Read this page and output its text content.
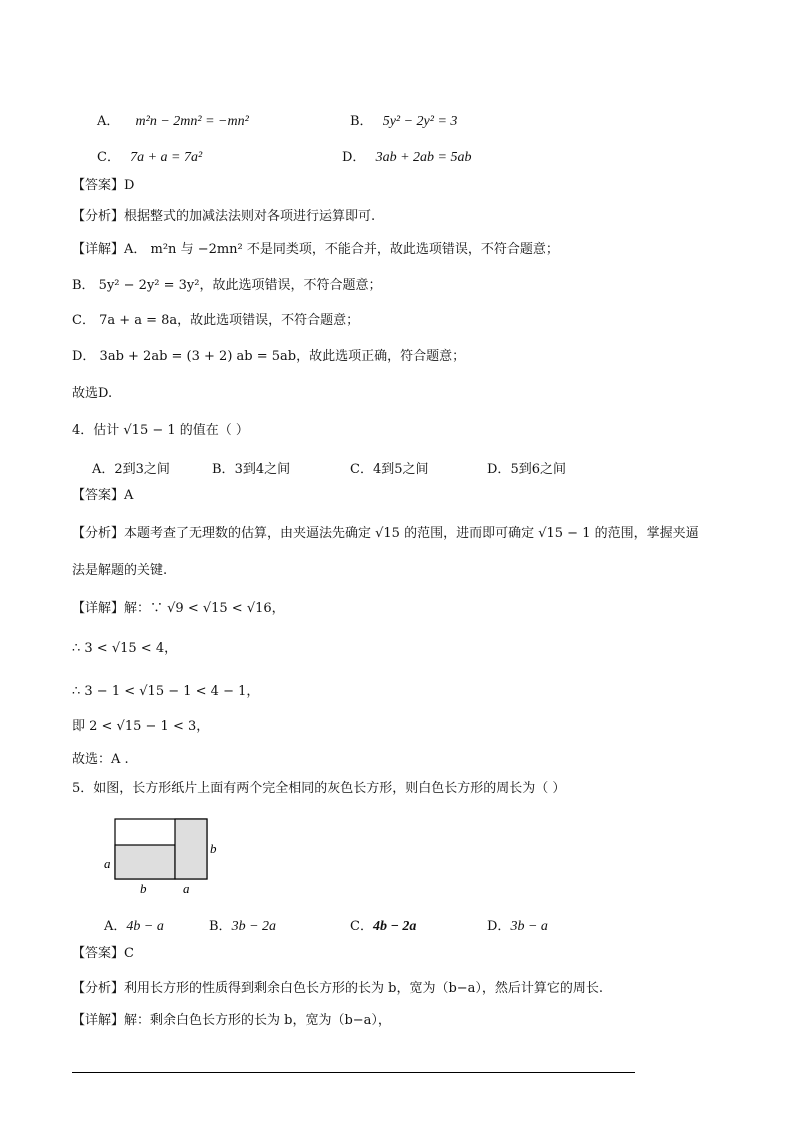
A． m²n − 2mn² = −mn²	B． 5y² − 2y² = 3
C． 7a + a = 7a²	D． 3ab + 2ab = 5ab
【答案】D
【分析】根据整式的加减法法则对各项进行运算即可.
【详解】A． m²n 与 −2mn² 不是同类项，不能合并，故此选项错误，不符合题意；
B． 5y² − 2y² = 3y²，故此选项错误，不符合题意；
C． 7a + a = 8a，故此选项错误，不符合题意；
D． 3ab + 2ab = (3 + 2) ab = 5ab，故此选项正确，符合题意；
故选D.
4．估计 √15 − 1 的值在（ ）
A．2到3之间	B．3到4之间	C．4到5之间	D．5到6之间
【答案】A
【分析】本题考查了无理数的估算，由夹逼法先确定 √15 的范围，进而即可确定 √15 − 1 的范围，掌握夹逼
法是解题的关键.
【详解】解：∵ √9 < √15 < √16，
∴ 3 < √15 < 4，
∴ 3 − 1 < √15 − 1 < 4 − 1，
即 2 < √15 − 1 < 3，
故选：A .
5．如图，长方形纸片上面有两个完全相同的灰色长方形，则白色长方形的周长为（ ）
a
b
b	a
A．4b − a	B．3b − 2a	C．4b − 2a	D．3b − a
【答案】C
【分析】利用长方形的性质得到剩余白色长方形的长为 b，宽为（b−a），然后计算它的周长.
【详解】解：剩余白色长方形的长为 b，宽为（b−a），
